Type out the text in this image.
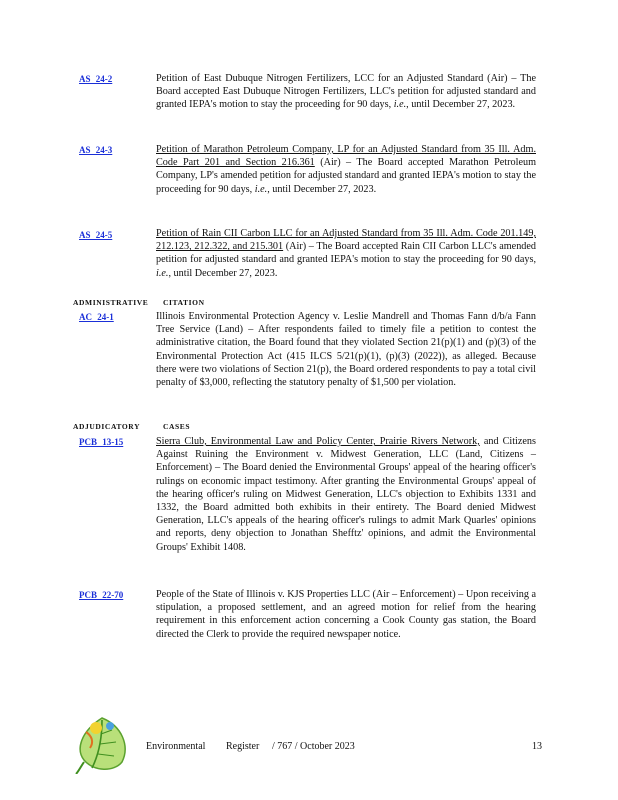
AS 24-2	Petition of East Dubuque Nitrogen Fertilizers, LCC for an Adjusted Standard (Air) – The Board accepted East Dubuque Nitrogen Fertilizers, LLC's petition for adjusted standard and granted IEPA's motion to stay the proceeding for 90 days, i.e., until December 27, 2023.
AS 24-3	Petition of Marathon Petroleum Company, LP for an Adjusted Standard from 35 Ill. Adm. Code Part 201 and Section 216.361 (Air) – The Board accepted Marathon Petroleum Company, LP's amended petition for adjusted standard and granted IEPA's motion to stay the proceeding for 90 days, i.e., until December 27, 2023.
AS 24-5	Petition of Rain CII Carbon LLC for an Adjusted Standard from 35 Ill. Adm. Code 201.149, 212.123, 212.322, and 215.301 (Air) – The Board accepted Rain CII Carbon LLC's amended petition for adjusted standard and granted IEPA's motion to stay the proceeding for 90 days, i.e., until December 27, 2023.
ADMINISTRATIVE CITATION
AC 24-1	Illinois Environmental Protection Agency v. Leslie Mandrell and Thomas Fann d/b/a Fann Tree Service (Land) – After respondents failed to timely file a petition to contest the administrative citation, the Board found that they violated Section 21(p)(1) and (p)(3) of the Environmental Protection Act (415 ILCS 5/21(p)(1), (p)(3) (2022)), as alleged. Because there were two violations of Section 21(p), the Board ordered respondents to pay a total civil penalty of $3,000, reflecting the statutory penalty of $1,500 per violation.
ADJUDICATORY	CASES
PCB 13-15	Sierra Club, Environmental Law and Policy Center, Prairie Rivers Network, and Citizens Against Ruining the Environment v. Midwest Generation, LLC (Land, Citizens – Enforcement) – The Board denied the Environmental Groups' appeal of the hearing officer's rulings on economic impact testimony. After granting the Environmental Groups' appeal of the hearing officer's ruling on Midwest Generation, LLC's objection to Exhibits 1331 and 1332, the Board admitted both exhibits in their entirety. The Board denied Midwest Generation, LLC's appeals of the hearing officer's rulings to admit Mark Quarles' opinions and reports, deny objection to Jonathan Shefftz' opinions, and admit the Environmental Groups' Exhibit 1408.
PCB 22-70	People of the State of Illinois v. KJS Properties LLC (Air – Enforcement) – Upon receiving a stipulation, a proposed settlement, and an agreed motion for relief from the hearing requirement in this enforcement action concerning a Cook County gas station, the Board directed the Clerk to provide the required newspaper notice.
Environmental Register / 767 / October 2023	13
